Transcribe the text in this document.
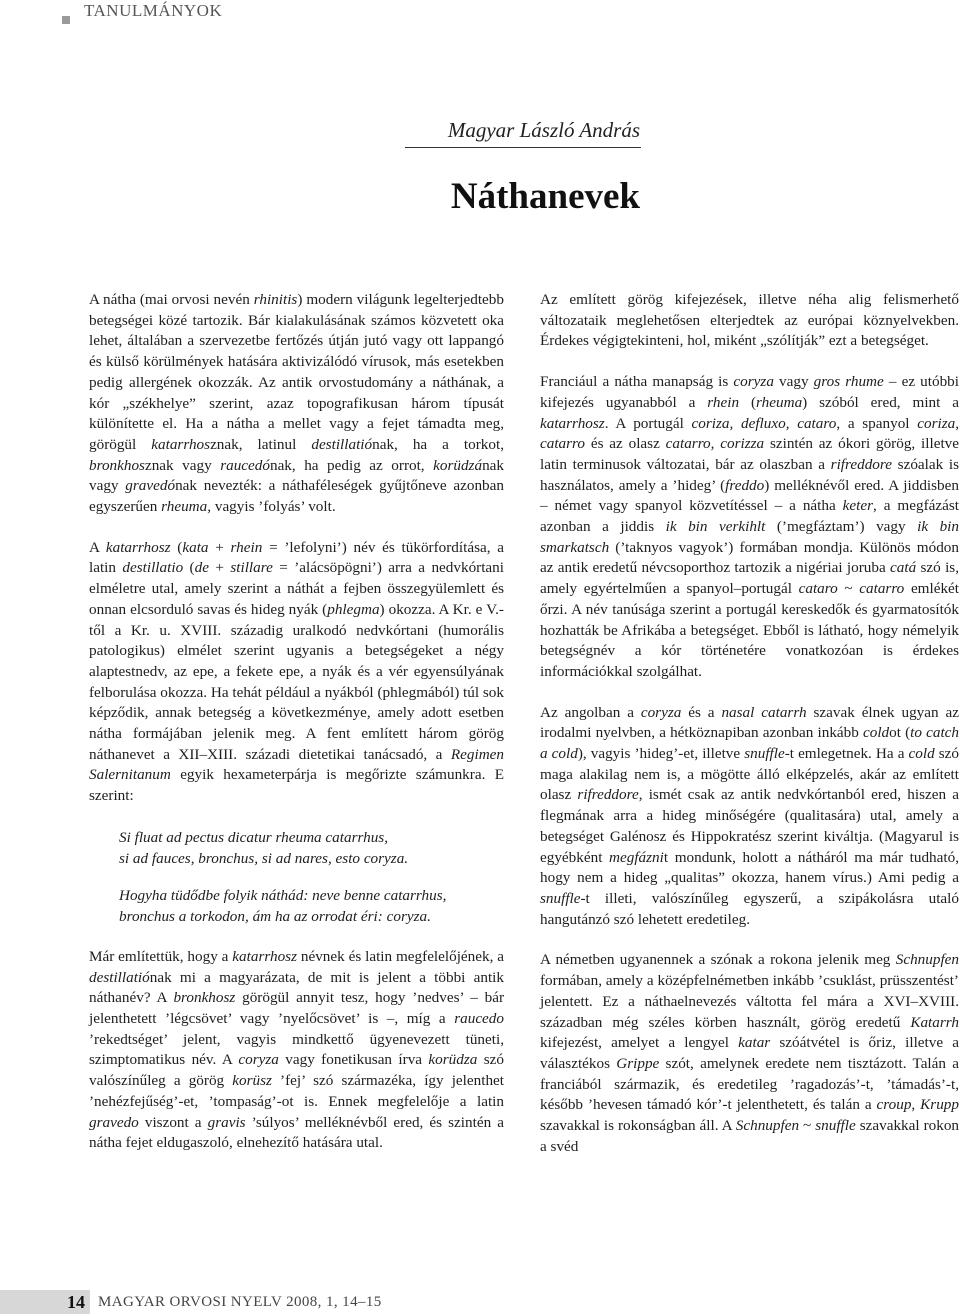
TANULMÁNYOK
Magyar László András
Náthanevek

A nátha (mai orvosi nevén rhinitis) modern világunk legelterjedtebb betegségei közé tartozik. Bár kialakulásának számos közvetett oka lehet, általában a szervezetbe fertőzés útján jutó vagy ott lappangó és külső körülmények hatására aktivizálódó vírusok, más esetekben pedig allergének okozzák. Az antik orvostudomány a náthának, a kór „székhelye” szerint, azaz topografikusan három típusát különítette el. Ha a nátha a mellet vagy a fejet támadta meg, görögül katarrhosznak, latinul destillatiónak, ha a torkot, bronkhosznak vagy raucedónak, ha pedig az orrot, korüdzának vagy gravedónak nevezték: a náthaféleségek gyűjtőneve azonban egyszerűen rheuma, vagyis ’folyás’ volt.

A katarrhosz (kata + rhein = ’lefolyni’) név és tükörfordítása, a latin destillatio (de + stillare = ’alácsöpögni’) arra a nedvkórtani elméletre utal, amely szerint a náthát a fejben összegyülemlett és onnan elcsorduló savas és hideg nyák (phlegma) okozza. A Kr. e V.-től a Kr. u. XVIII. századig uralkodó nedvkórtani (humorális patologikus) elmélet szerint ugyanis a betegségeket a négy alaptestnedv, az epe, a fekete epe, a nyák és a vér egyensúlyának felborulása okozza. Ha tehát például a nyákból (phlegmából) túl sok képződik, annak betegség a következménye, amely adott esetben nátha formájában jelenik meg. A fent említett három görög náthanevet a XII–XIII. századi dietetikai tanácsadó, a Regimen Salernitanum egyik hexameterpárja is megőrizte számunkra. E szerint:

Si fluat ad pectus dicatur rheuma catarrhus,
si ad fauces, bronchus, si ad nares, esto coryza.

Hogyha tüdődbe folyik náthád: neve benne catarrhus,
bronchus a torkodon, ám ha az orrodat éri: coryza.

Már említettük, hogy a katarrhosz névnek és latin megfelelőjének, a destillatiónak mi a magyarázata, de mit is jelent a többi antik náthanév? A bronkhosz görögül annyit tesz, hogy ’nedves’ – bár jelenthetett ’légcsövet’ vagy ’nyelőcsövet’ is –, míg a raucedo ’rekedtséget’ jelent, vagyis mindkettő ügyenevezett tüneti, szimptomatikus név. A coryza vagy fonetikusan írva korüdza szó valószínűleg a görög korüsz ’fej’ szó származéka, így jelenthet ’nehézfejűség’-et, ’tompaság’-ot is. Ennek megfelelője a latin gravedo viszont a gravis ’súlyos’ melléknévből ered, és szintén a nátha fejet eldugaszoló, elnehezítő hatására utal.

Az említett görög kifejezések, illetve néha alig felismerhető változataik meglehetősen elterjedtek az európai köznyelvekben. Érdekes végigtekinteni, hol, miként „szólítják” ezt a betegséget.

Franciául a nátha manapság is coryza vagy gros rhume – ez utóbbi kifejezés ugyanabból a rhein (rheuma) szóból ered, mint a katarrhosz. A portugál coriza, defluxo, cataro, a spanyol coriza, catarro és az olasz catarro, corizza szintén az ókori görög, illetve latin terminusok változatai, bár az olaszban a rifreddore szóalak is használatos, amely a ’hideg’ (freddo) melléknévől ered. A jiddisben – német vagy spanyol közvetítéssel – a nátha keter, a megfázást azonban a jiddis ik bin verkihlt (’megfáztam’) vagy ik bin smarkatsch (’taknyos vagyok’) formában mondja. Különös módon az antik eredetű névcsoporthoz tartozik a nigériai joruba catá szó is, amely egyértelműen a spanyol–portugál cataro ~ catarro emlékét őrzi. A név tanúsága szerint a portugál kereskedők és gyarmatosítók hozhatták be Afrikába a betegséget. Ebből is látható, hogy némelyik betegségnév a kór történetére vonatkozóan is érdekes információkkal szolgálhat.

Az angolban a coryza és a nasal catarrh szavak élnek ugyan az irodalmi nyelvben, a hétköznapiban azonban inkább coldot (to catch a cold), vagyis ’hideg’-et, illetve snuffle-t emlegetnek. Ha a cold szó maga alakilag nem is, a mögötte álló elképzelés, akár az említett olasz rifreddore, ismét csak az antik nedvkórtanból ered, hiszen a flegmának arra a hideg minőségére (qualitasára) utal, amely a betegséget Galénosz és Hippokratész szerint kiváltja. (Magyarul is egyébként megfáznit mondunk, holott a nátháról ma már tudható, hogy nem a hideg „qualitas” okozza, hanem vírus.) Ami pedig a snuffle-t illeti, valószínűleg egyszerű, a szipákolásra utaló hangutánzó szó lehetett eredetileg.

A németben ugyanennek a szónak a rokona jelenik meg Schnupfen formában, amely a középfelnémetben inkább ’csuklást, prüsszentést’ jelentett. Ez a náthaelnevezés váltotta fel mára a XVI–XVIII. században még széles körben használt, görög eredetű Katarrh kifejezést, amelyet a lengyel katar szóátvétel is őriz, illetve a választékos Grippe szót, amelynek eredete nem tisztázott. Talán a franciából származik, és eredetileg ’ragadozás’-t, ’támadás’-t, később ’hevesen támadó kór’-t jelenthetett, és talán a croup, Krupp szavakkal is rokonságban áll. A Schnupfen ~ snuffle szavakkal rokon a svéd

14 MAGYAR ORVOSI NYELV 2008, 1, 14–15
